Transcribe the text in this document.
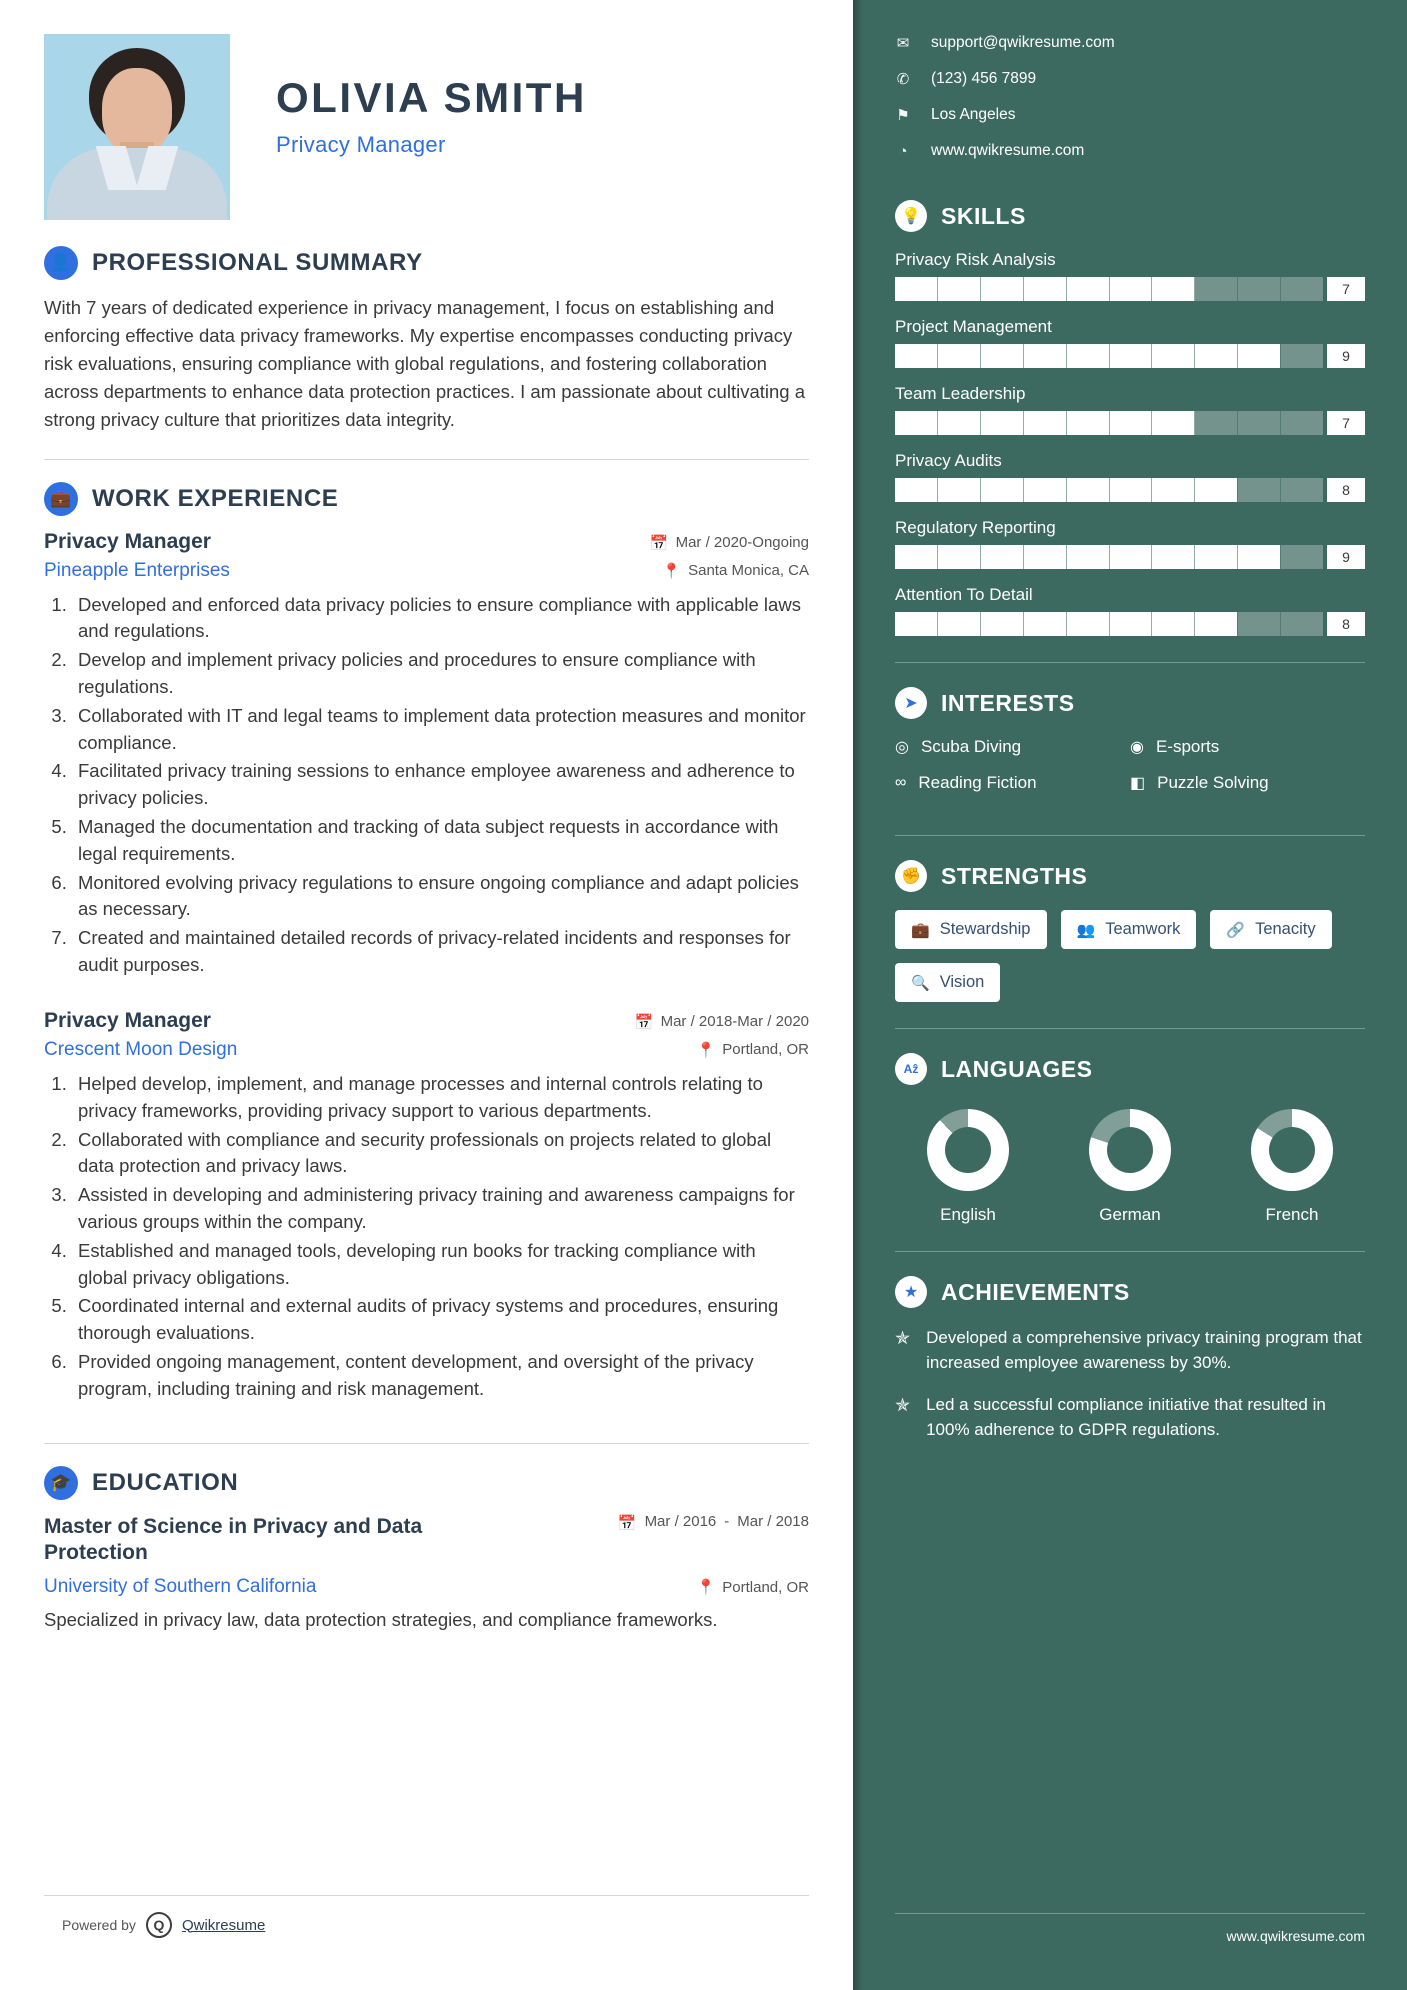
OLIVIA SMITH
Privacy Manager
👤 PROFESSIONAL SUMMARY
With 7 years of dedicated experience in privacy management, I focus on establishing and enforcing effective data privacy frameworks. My expertise encompasses conducting privacy risk evaluations, ensuring compliance with global regulations, and fostering collaboration across departments to enhance data protection practices. I am passionate about cultivating a strong privacy culture that prioritizes data integrity.
💼 WORK EXPERIENCE
Privacy Manager	📅 Mar / 2020-Ongoing
Pineapple Enterprises	📍 Santa Monica, CA
1. Developed and enforced data privacy policies to ensure compliance with applicable laws and regulations.
2. Develop and implement privacy policies and procedures to ensure compliance with regulations.
3. Collaborated with IT and legal teams to implement data protection measures and monitor compliance.
4. Facilitated privacy training sessions to enhance employee awareness and adherence to privacy policies.
5. Managed the documentation and tracking of data subject requests in accordance with legal requirements.
6. Monitored evolving privacy regulations to ensure ongoing compliance and adapt policies as necessary.
7. Created and maintained detailed records of privacy-related incidents and responses for audit purposes.
Privacy Manager	📅 Mar / 2018-Mar / 2020
Crescent Moon Design	📍 Portland, OR
1. Helped develop, implement, and manage processes and internal controls relating to privacy frameworks, providing privacy support to various departments.
2. Collaborated with compliance and security professionals on projects related to global data protection and privacy laws.
3. Assisted in developing and administering privacy training and awareness campaigns for various groups within the company.
4. Established and managed tools, developing run books for tracking compliance with global privacy obligations.
5. Coordinated internal and external audits of privacy systems and procedures, ensuring thorough evaluations.
6. Provided ongoing management, content development, and oversight of the privacy program, including training and risk management.
🎓 EDUCATION
Master of Science in Privacy and Data Protection
📅 Mar / 2016 - Mar / 2018
University of Southern California	📍 Portland, OR
Specialized in privacy law, data protection strategies, and compliance frameworks.
Powered by	Q	Qwikresume
✉ support@qwikresume.com
✆ (123) 456 7899
⚑ Los Angeles
◔ www.qwikresume.com
💡 SKILLS
Privacy Risk Analysis
7
Project Management
9
Team Leadership
7
Privacy Audits
8
Regulatory Reporting
9
Attention To Detail
8
➤	INTERESTS
◎ Scuba Diving	◉ E-sports
∞ Reading Fiction	◧ Puzzle Solving
✊ STRENGTHS
💼 Stewardship	👥 Teamwork	🔗 Tenacity
🔍 Vision
Aẑ LANGUAGES
English	German	French
★ ACHIEVEMENTS
✯ Developed a comprehensive privacy training program that increased employee awareness by 30%.
✯ Led a successful compliance initiative that resulted in 100% adherence to GDPR regulations.
www.qwikresume.com
